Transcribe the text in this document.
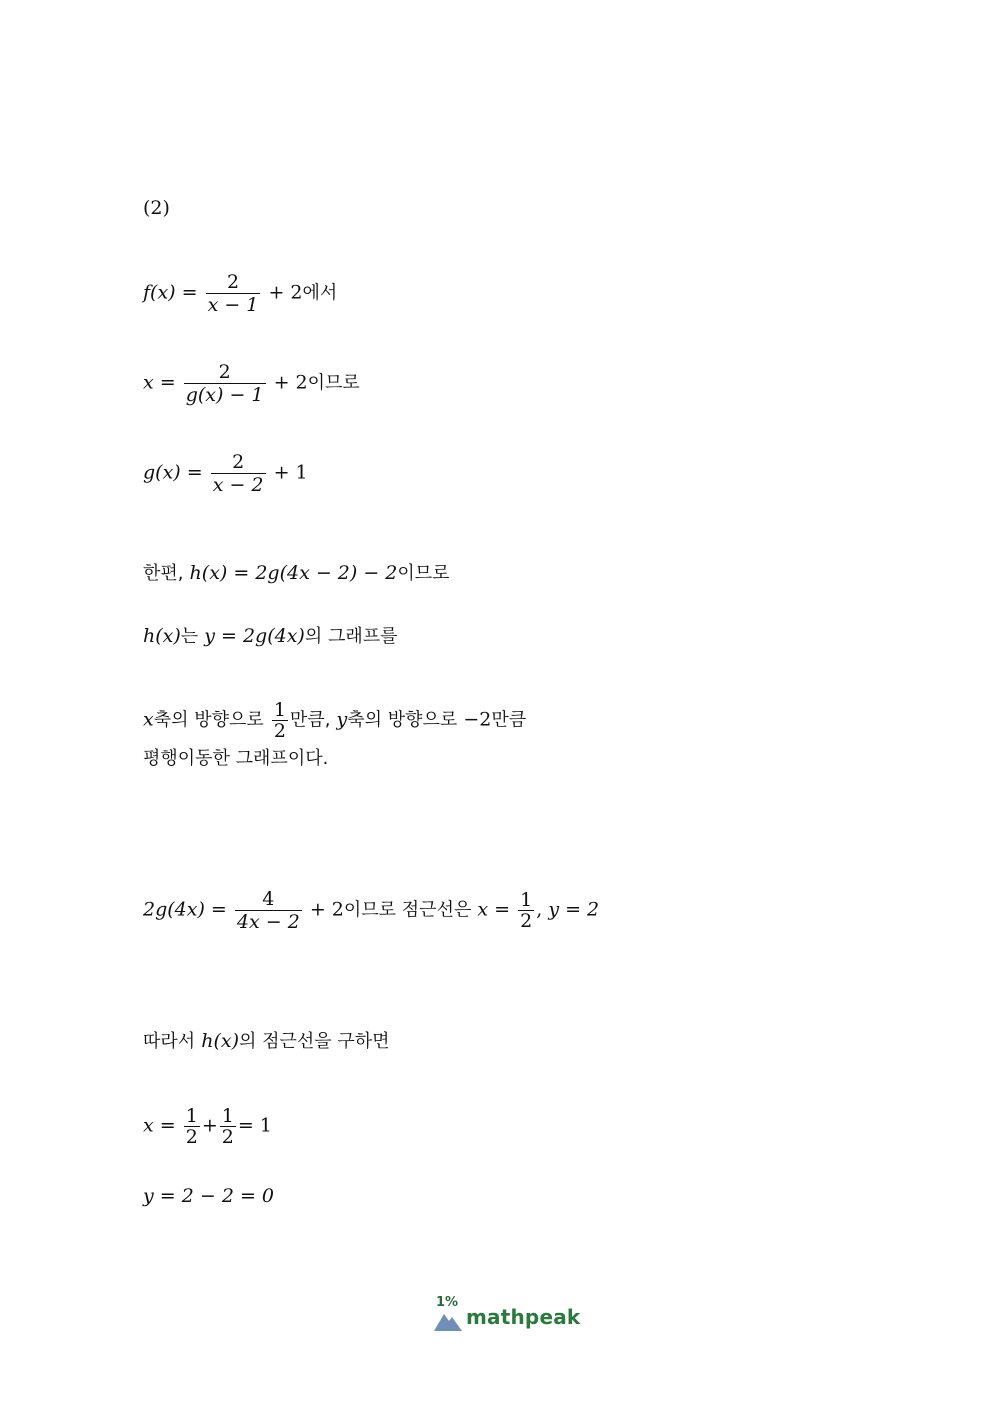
(2)
$f(x) = \frac{2}{x - 1} + 2$에서
$x = \frac{2}{g(x) - 1} + 2$이므로
$g(x) = \frac{2}{x - 2} + 1$
한편, h(x) = 2g(4x − 2) − 2이므로
h(x)는 y = 2g(4x)의 그래프를
x축의 방향으로 $\frac{1}{2}$ 만큼, y축의 방향으로 −2만큼
평행이동한 그래프이다.
$2g(4x) = \frac{4}{4x - 2} + 2$이므로 점근선은 $x = \frac{1}{2}$ , y = 2
따라서 h(x)의 점근선을 구하면
$x = \frac{1}{2} + \frac{1}{2} = 1$
y = 2 − 2 = 0
1%
mathpeak
